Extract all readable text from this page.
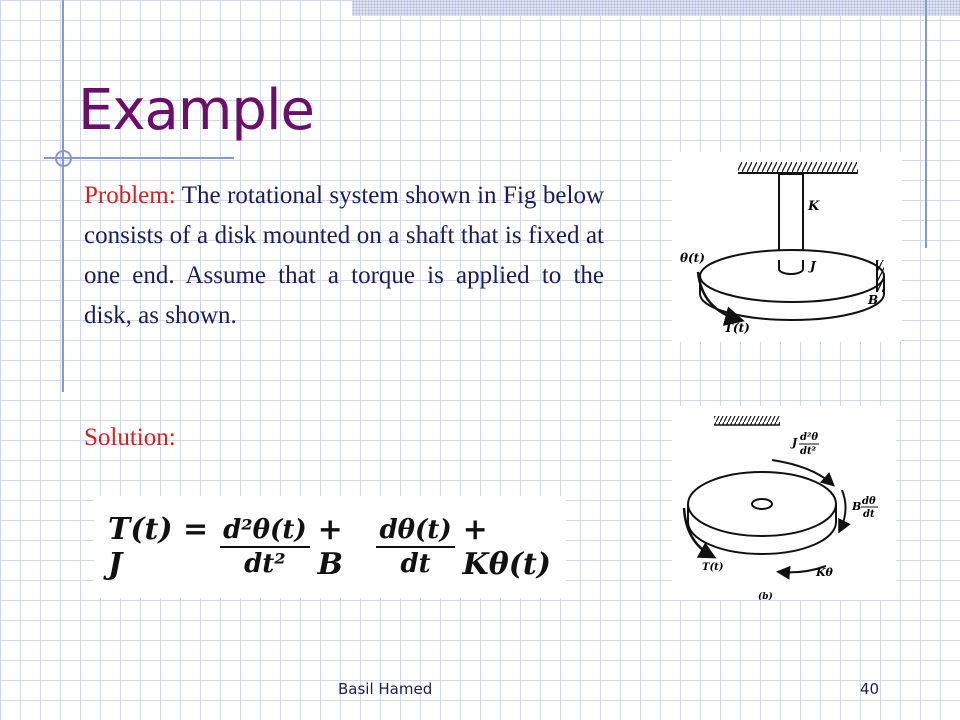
Example

Problem: The rotational system shown in Fig below consists of a disk mounted on a shaft that is fixed at one end. Assume that a torque is applied to the disk, as shown.

Solution:

T(t) = J	$\frac{\text{d²θ(t)}}{\text{dt²}} + B$	$\frac{d\theta(t)}{dt} + K\theta(t)$
K
J
B
θ(t)
T(t)
J d²θ
dt²
B dθ
dt
T(t)	Kθ
(b)
Basil Hamed	40
